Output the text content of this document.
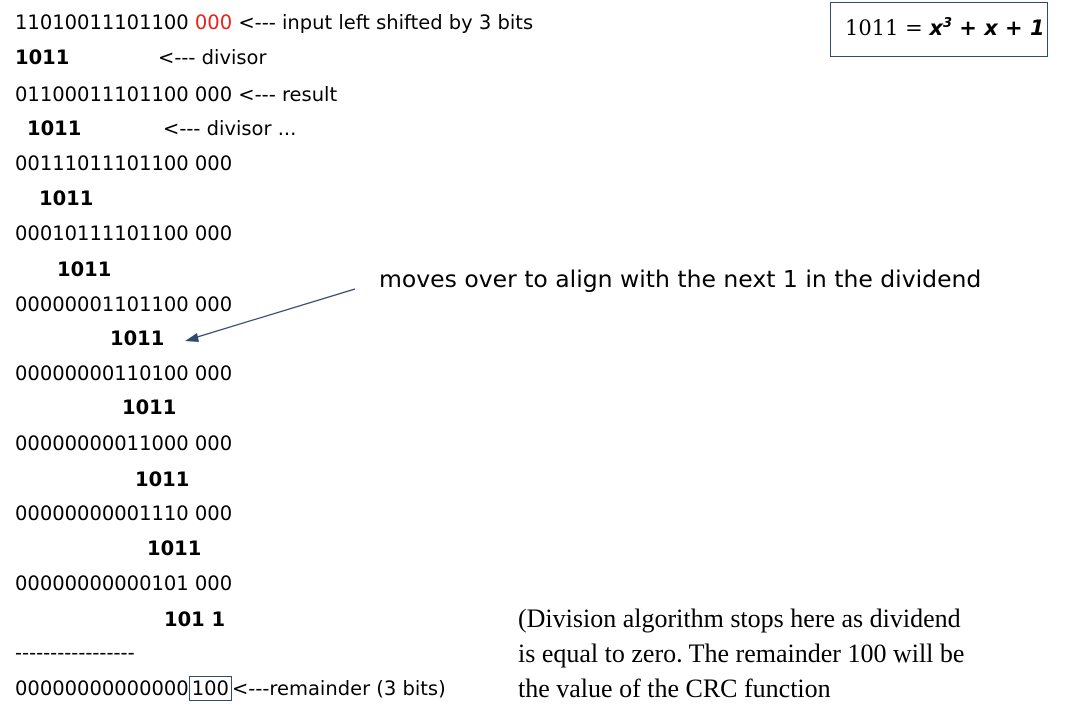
$1011 = x^3 + x + 1$
11010011101100 000 <--- input left shifted by 3 bits
1011	<--- divisor
01100011101100 000 <--- result
1011	<--- divisor ...
00111011101100 000
1011
00010111101100 000
1011
00000001101100 000
1011
00000000110100 000
1011
00000000011000 000
1011
00000000001110 000
1011
00000000000101 000
101 1
-----------------
00000000000000 100 <---remainder (3 bits)
moves over to align with the next 1 in the dividend
(Division algorithm stops here as dividend
is equal to zero. The remainder 100 will be
the value of the CRC function
